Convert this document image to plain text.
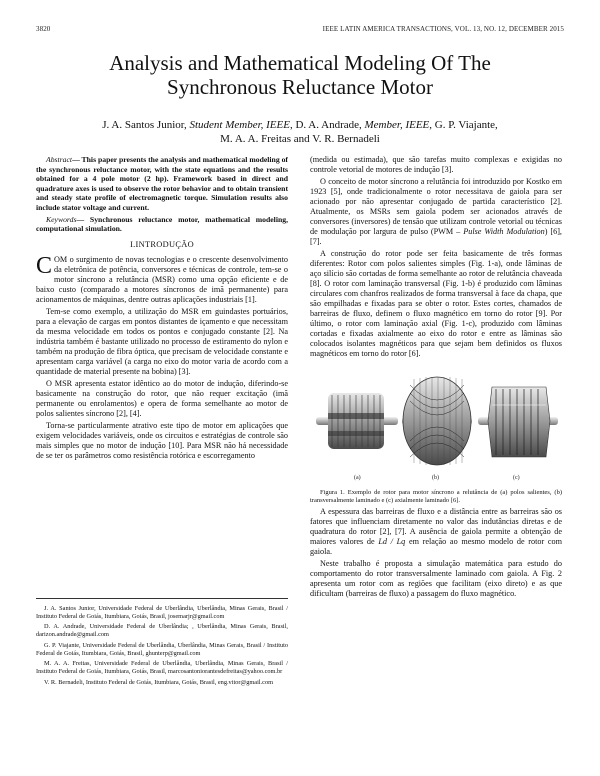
3820	IEEE LATIN AMERICA TRANSACTIONS, VOL. 13, NO. 12, DECEMBER 2015
Analysis and Mathematical Modeling Of The
Synchronous Reluctance Motor
J. A. Santos Junior, Student Member, IEEE, D. A. Andrade, Member, IEEE, G. P. Viajante,
M. A. A. Freitas and V. R. Bernadeli

Abstract— This paper presents the analysis and mathematical modeling of the synchronous reluctance motor, with the state equations and the results obtained for a 4 pole motor (2 hp). Framework based in direct and quadrature axes is used to observe the rotor behavior and to obtain transient and steady state profile of electromagnetic torque. Simulation results also include stator voltage and current.

Keywords— Synchronous reluctance motor, mathematical modeling, computational simulation.

I.INTRODUÇÃO

COM o surgimento de novas tecnologias e o crescente desenvolvimento da eletrônica de potência, conversores e técnicas de controle, tem-se o motor síncrono a relutância (MSR) como uma opção eficiente e de baixo custo (comparado a motores síncronos de imã permanente) para acionamentos de máquinas, dentre outras aplicações industriais [1].

Tem-se como exemplo, a utilização do MSR em guindastes portuários, para a elevação de cargas em pontos distantes de içamento e que necessitam da mesma velocidade em todos os pontos e conjugado constante [2]. Na indústria também é bastante utilizado no processo de estiramento do nylon e também na produção de fibra óptica, que precisam de velocidade constante e apresentam carga variável (a carga no eixo do motor varia de acordo com a quantidade de material presente na bobina) [3].

O MSR apresenta estator idêntico ao do motor de indução, diferindo-se basicamente na construção do rotor, que não requer excitação (imã permanente ou enrolamentos) e opera de forma semelhante ao motor de polos salientes síncrono [2], [4].

Torna-se particularmente atrativo este tipo de motor em aplicações que exigem velocidades variáveis, onde os circuitos e estratégias de controle são mais simples que no motor de indução [10]. Para MSR não há necessidade de se ter os parâmetros como resistência rotórica e escorregamento

J. A. Santos Junior, Universidade Federal de Uberlândia, Uberlândia, Minas Gerais, Brasil / Instituto Federal de Goiás, Itumbiara, Goiás, Brasil, josemarjr@gmail.com

D. A. Andrade, Universidade Federal de Uberlândia; , Uberlândia, Minas Gerais, Brasil, darizon.andrade@gmail.com

G. P. Viajante, Universidade Federal de Uberlândia, Uberlândia, Minas Gerais, Brasil / Instituto Federal de Goiás, Itumbiara, Goiás, Brasil, ghunterp@gmail.com

M. A. A. Freitas, Universidade Federal de Uberlândia, Uberlândia, Minas Gerais, Brasil / Instituto Federal de Goiás, Itumbiara, Goiás, Brasil, marcosantoniorantesdefreitas@yahoo.com.br

V. R. Bernadeli, Instituto Federal de Goiás, Itumbiara, Goiás, Brasil, eng.vitor@gmail.com

(medida ou estimada), que são tarefas muito complexas e exigidas no controle vetorial de motores de indução [3].

O conceito de motor síncrono a relutância foi introduzido por Kostko em 1923 [5], onde tradicionalmente o rotor necessitava de gaiola para ser acionado por não apresentar conjugado de partida característico [2]. Atualmente, os MSRs sem gaiola podem ser acionados através de conversores (inversores) de tensão que utilizam controle vetorial ou técnicas de modulação por largura de pulso (PWM – Pulse Width Modulation) [6], [7].

A construção do rotor pode ser feita basicamente de três formas diferentes: Rotor com polos salientes simples (Fig. 1-a), onde lâminas de aço silício são cortadas de forma semelhante ao rotor de relutância chaveada [8]. O rotor com laminação transversal (Fig. 1-b) é produzido com lâminas circulares com chanfros realizados de forma transversal à face da chapa, que são empilhadas e fixadas para se obter o rotor. Estes cortes, chamados de barreiras de fluxo, definem o fluxo magnético em torno do rotor [9]. Por último, o rotor com laminação axial (Fig. 1-c), produzido com lâminas cortadas e fixadas axialmente ao eixo do rotor e entre as lâminas são colocados isolantes magnéticos para que sejam bem definidos os fluxos magnéticos em torno do rotor [6].

(a)	(b)	(c)

Figura 1. Exemplo de rotor para motor síncrono a relutância de (a) polos salientes, (b) transversalmente laminado e (c) axialmente laminado [6].

A espessura das barreiras de fluxo e a distância entre as barreiras são os fatores que influenciam diretamente no valor das indutâncias diretas e de quadratura do rotor [2], [7]. A ausência de gaiola permite a obtenção de maiores valores de Ld / Lq em relação ao mesmo modelo de rotor com gaiola.

Neste trabalho é proposta a simulação matemática para estudo do comportamento do rotor transversalmente laminado com gaiola. A Fig. 2 apresenta um rotor com as regiões que facilitam (eixo direto) e as que dificultam (barreiras de fluxo) a passagem do fluxo magnético.
